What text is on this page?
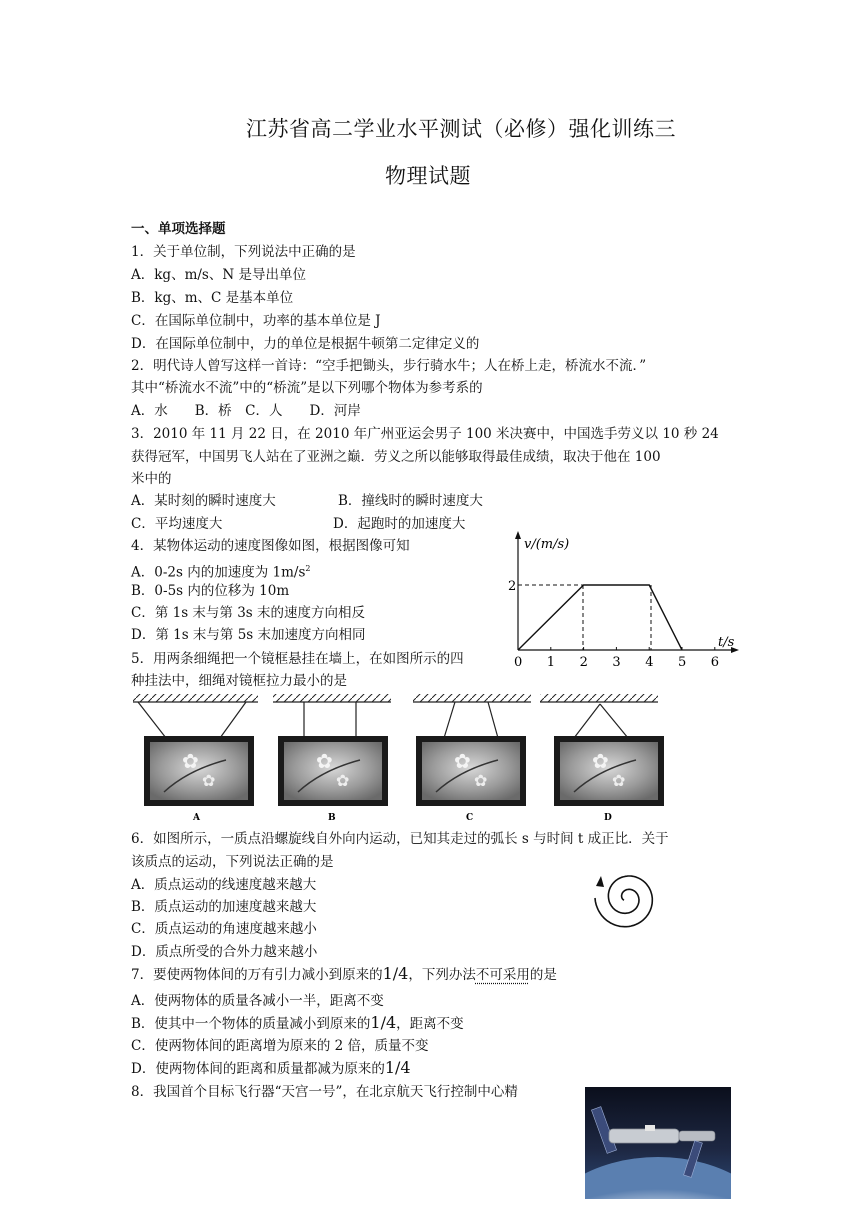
江苏省高二学业水平测试（必修）强化训练三
物理试题
一、单项选择题
1．关于单位制，下列说法中正确的是
A．kg、m/s、N 是导出单位
B．kg、m、C 是基本单位
C．在国际单位制中，功率的基本单位是 J
D．在国际单位制中，力的单位是根据牛顿第二定律定义的
2．明代诗人曾写这样一首诗：“空手把锄头，步行骑水牛；人在桥上走，桥流水不流．”
其中“桥流水不流”中的“桥流”是以下列哪个物体为参考系的
A．水　　B．桥　C．人　　D．河岸
3．2010 年 11 月 22 日，在 2010 年广州亚运会男子 100 米决赛中，中国选手劳义以 10 秒 24
获得冠军，中国男飞人站在了亚洲之巅．劳义之所以能够取得最佳成绩，取决于他在 100
米中的
A．某时刻的瞬时速度大	B．撞线时的瞬时速度大
C．平均速度大	D．起跑时的加速度大
4．某物体运动的速度图像如图，根据图像可知
A．0-2s 内的加速度为 $1m/s^2$
B．0-5s 内的位移为 10m
C．第 1s 末与第 3s 末的速度方向相反
D．第 1s 末与第 5s 末加速度方向相同
v/(m/s)
t/s
2
0 1 2 3 4 5 6
5．用两条细绳把一个镜框悬挂在墙上，在如图所示的四
种挂法中，细绳对镜框拉力最小的是
✿
✿
✿
✿
✿
✿
✿
✿
A	B	C	D
6．如图所示，一质点沿螺旋线自外向内运动，已知其走过的弧长 s 与时间 t 成正比．关于
该质点的运动，下列说法正确的是
A．质点运动的线速度越来越大
B．质点运动的加速度越来越大
C．质点运动的角速度越来越小
D．质点所受的合外力越来越小
7．要使两物体间的万有引力减小到原来的1/4，下列办法不可采用的是
A．使两物体的质量各减小一半，距离不变
B．使其中一个物体的质量减小到原来的1/4，距离不变
C．使两物体间的距离增为原来的 2 倍，质量不变
D．使两物体间的距离和质量都减为原来的1/4
8．我国首个目标飞行器“天宫一号”，在北京航天飞行控制中心精
